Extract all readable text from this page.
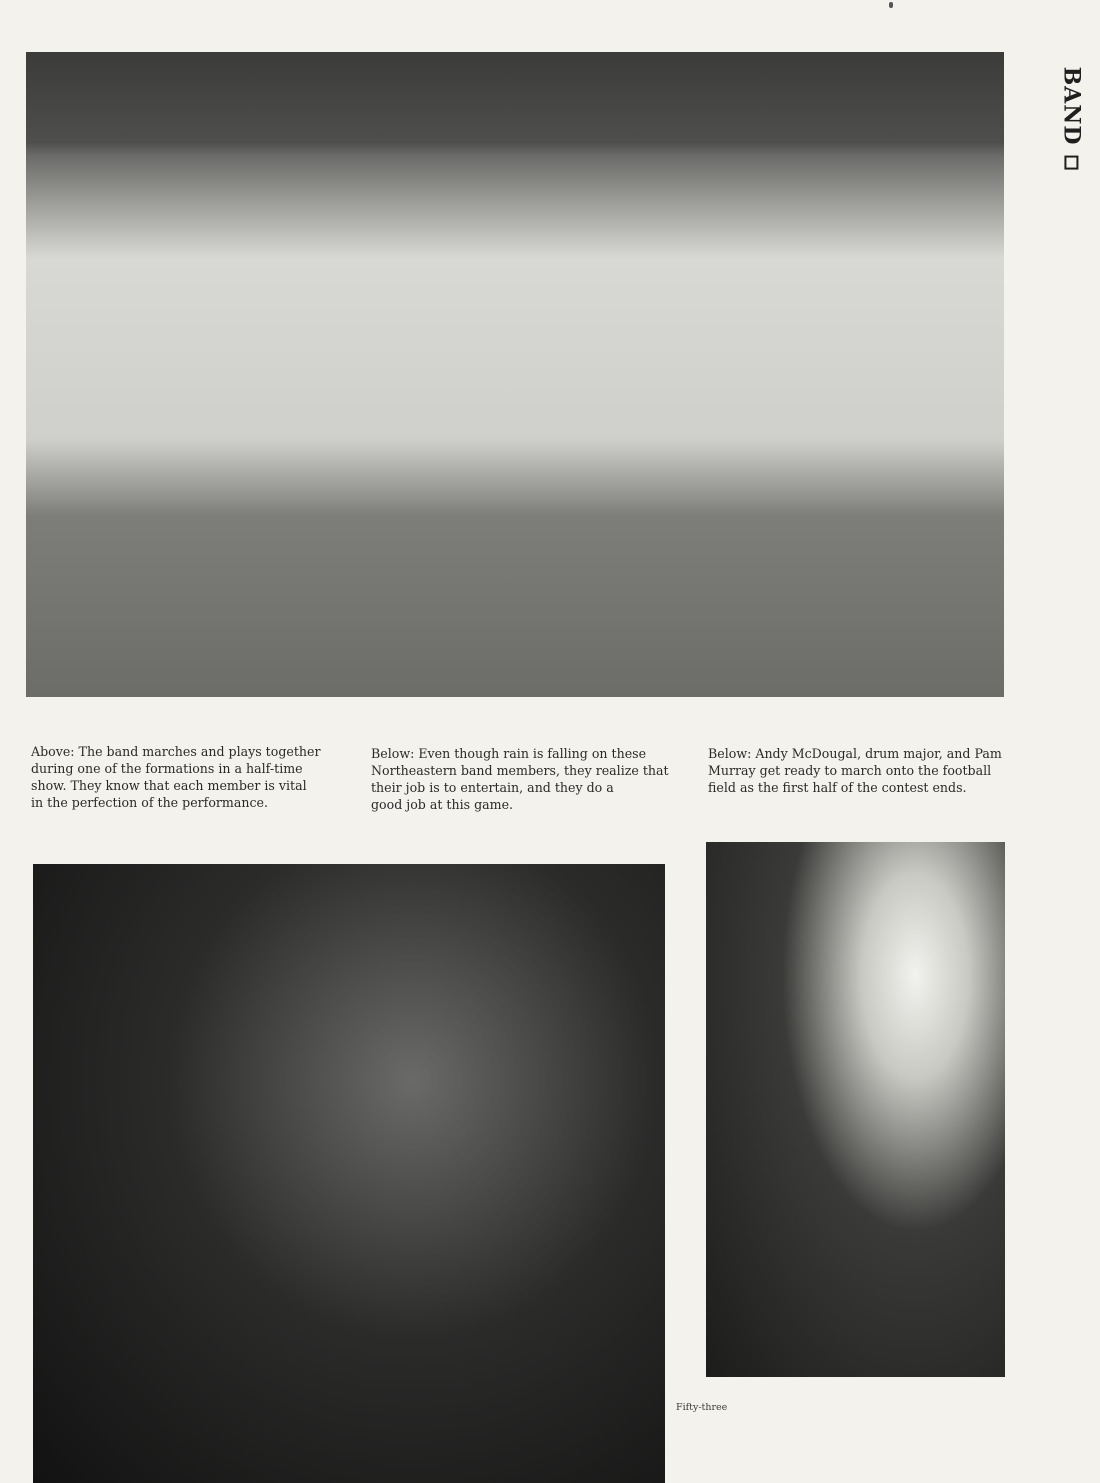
Above: The band marches and plays together
during one of the formations in a half-time
show. They know that each member is vital
in the perfection of the performance.

Below: Even though rain is falling on these
Northeastern band members, they realize that
their job is to entertain, and they do a
good job at this game.

Below: Andy McDougal, drum major, and Pam
Murray get ready to march onto the football
field as the first half of the contest ends.

Fifty-three
BAND
